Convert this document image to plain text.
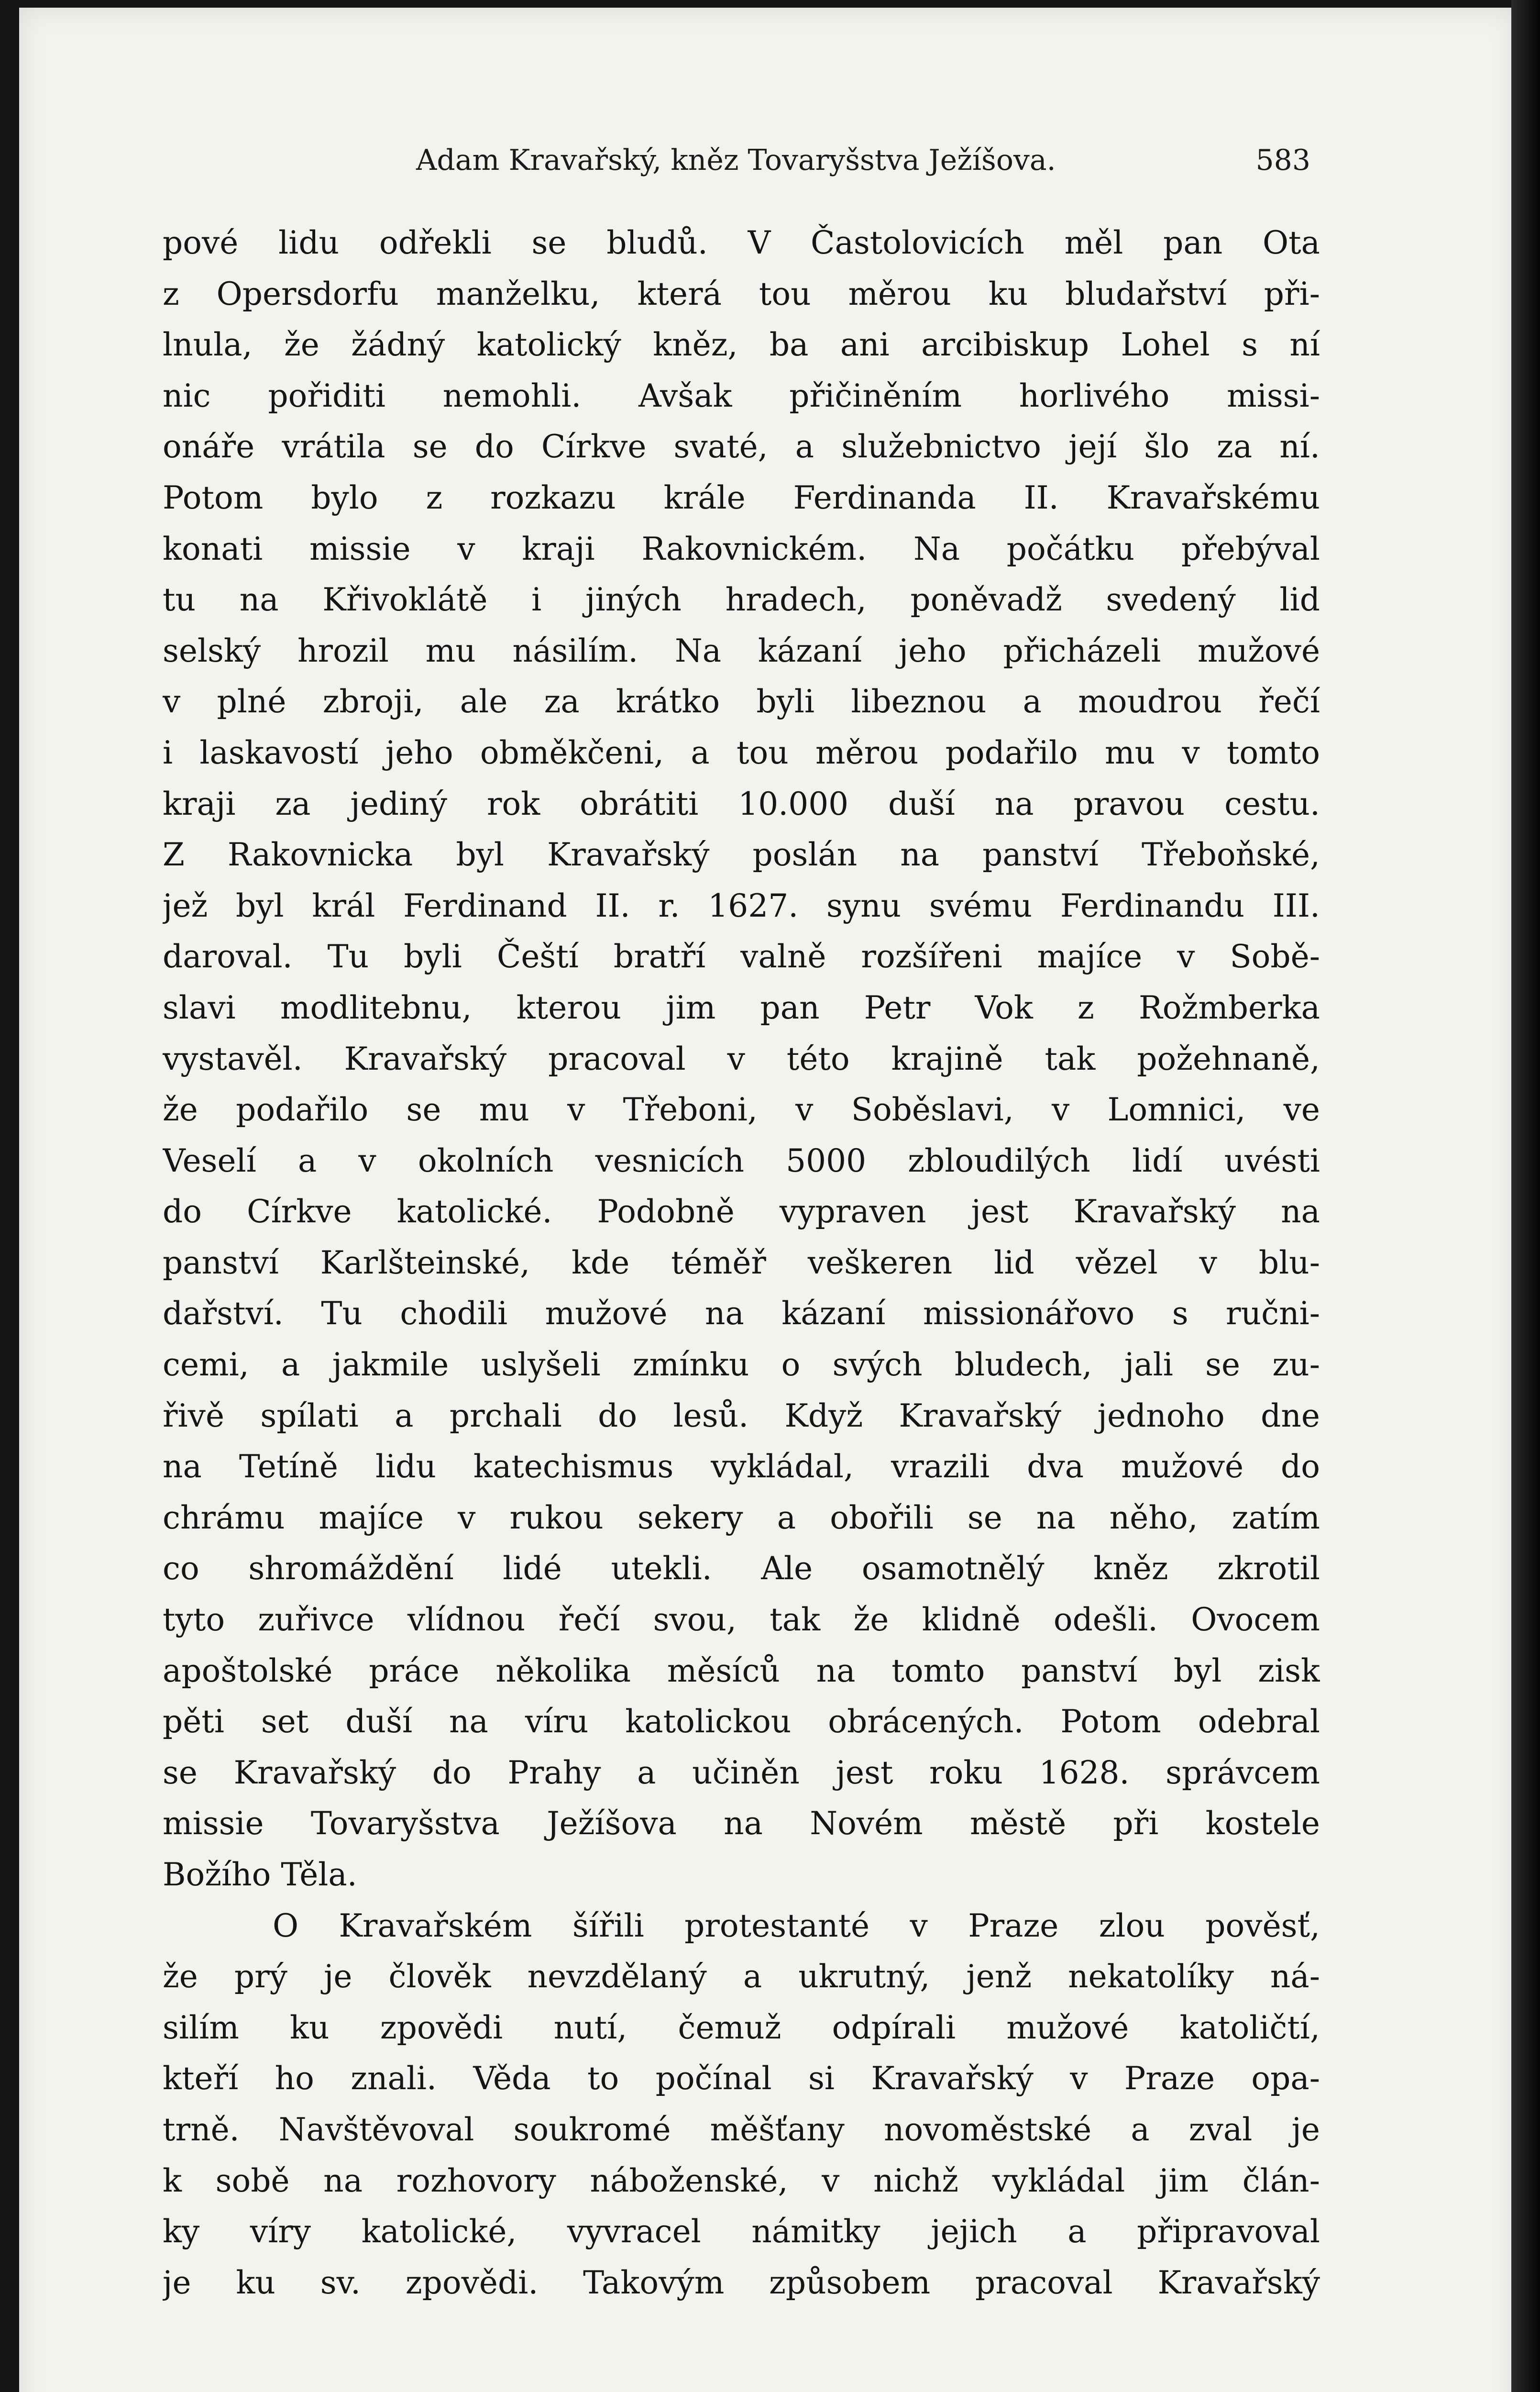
Adam Kravařský, kněz Tovaryšstva Ježíšova.	583
pové lidu odřekli se bludů. V Častolovicích měl pan Ota
z Opersdorfu manželku, která tou měrou ku bludařství při-
lnula, že žádný katolický kněz, ba ani arcibiskup Lohel s ní
nic pořiditi nemohli. Avšak přičiněním horlivého missi-
onáře vrátila se do Církve svaté, a služebnictvo její šlo za ní.
Potom bylo z rozkazu krále Ferdinanda II. Kravařskému
konati missie v kraji Rakovnickém. Na počátku přebýval
tu na Křivoklátě i jiných hradech, poněvadž svedený lid
selský hrozil mu násilím. Na kázaní jeho přicházeli mužové
v plné zbroji, ale za krátko byli libeznou a moudrou řečí
i laskavostí jeho obměkčeni, a tou měrou podařilo mu v tomto
kraji za jediný rok obrátiti 10.000 duší na pravou cestu.
Z Rakovnicka byl Kravařský poslán na panství Třeboňské,
jež byl král Ferdinand II. r. 1627. synu svému Ferdinandu III.
daroval. Tu byli Čeští bratří valně rozšířeni majíce v Sobě-
slavi modlitebnu, kterou jim pan Petr Vok z Rožmberka
vystavěl. Kravařský pracoval v této krajině tak požehnaně,
že podařilo se mu v Třeboni, v Soběslavi, v Lomnici, ve
Veselí a v okolních vesnicích 5000 zbloudilých lidí uvésti
do Církve katolické. Podobně vypraven jest Kravařský na
panství Karlšteinské, kde téměř veškeren lid vězel v blu-
dařství. Tu chodili mužové na kázaní missionářovo s ručni-
cemi, a jakmile uslyšeli zmínku o svých bludech, jali se zu-
řivě spílati a prchali do lesů. Když Kravařský jednoho dne
na Tetíně lidu katechismus vykládal, vrazili dva mužové do
chrámu majíce v rukou sekery a obořili se na něho, zatím
co shromáždění lidé utekli. Ale osamotnělý kněz zkrotil
tyto zuřivce vlídnou řečí svou, tak že klidně odešli. Ovocem
apoštolské práce několika měsíců na tomto panství byl zisk
pěti set duší na víru katolickou obrácených. Potom odebral
se Kravařský do Prahy a učiněn jest roku 1628. správcem
missie Tovaryšstva Ježíšova na Novém městě při kostele
Božího Těla.
O Kravařském šířili protestanté v Praze zlou pověsť,
že prý je člověk nevzdělaný a ukrutný, jenž nekatolíky ná-
silím ku zpovědi nutí, čemuž odpírali mužové katoličtí,
kteří ho znali. Věda to počínal si Kravařský v Praze opa-
trně. Navštěvoval soukromé měšťany novoměstské a zval je
k sobě na rozhovory náboženské, v nichž vykládal jim člán-
ky víry katolické, vyvracel námitky jejich a připravoval
je ku sv. zpovědi. Takovým způsobem pracoval Kravařský
